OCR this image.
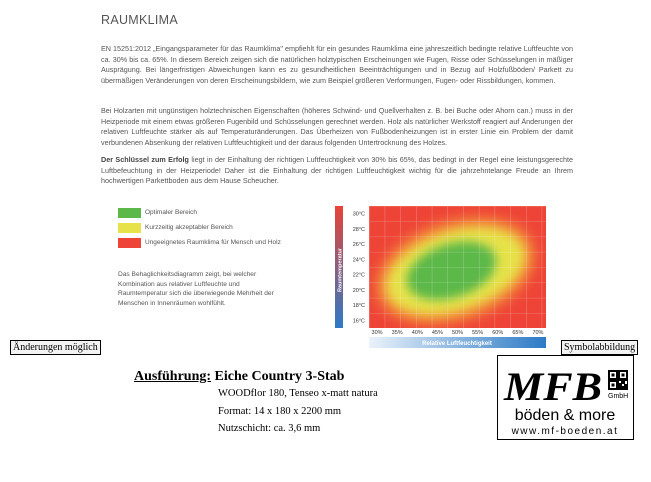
RAUMKLIMA
EN 15251:2012 „Eingangsparameter für das Raumklima" empfiehlt für ein gesundes Raumklima eine jahreszeitlich bedingte relative Luftfeuchte von ca. 30% bis ca. 65%. In diesem Bereich zeigen sich die natürlichen holztypischen Erscheinungen wie Fugen, Risse oder Schüsselungen in mäßiger Ausprägung. Bei längerfristigen Abweichungen kann es zu gesundheitlichen Beeinträchtigungen und in Bezug auf Holzfußböden/ Parkett zu übermäßigen Veränderungen von deren Erscheinungsbildern, wie zum Beispiel größeren Verformungen, Fugen- oder Rissbildungen, kommen.
Bei Holzarten mit ungünstigen holztechnischen Eigenschaften (höheres Schwind- und Quellverhalten z. B. bei Buche oder Ahorn can.) muss in der Heizperiode mit einem etwas größeren Fugenbild und Schüsselungen gerechnet werden. Holz als natürlicher Werkstoff reagiert auf Änderungen der relativen Luftfeuchte stärker als auf Temperaturänderungen. Das Überheizen von Fußbodenheizungen ist in erster Linie ein Problem der damit verbundenen Absenkung der relativen Luftfeuchtigkeit und der daraus folgenden Untertrocknung des Holzes.
Der Schlüssel zum Erfolg liegt in der Einhaltung der richtigen Luftfeuchtigkeit von 30% bis 65%, das bedingt in der Regel eine leistungsgerechte Luftbefeuchtung in der Heizperiode! Daher ist die Einhaltung der richtigen Luftfeuchtigkeit wichtig für die jahrzehntelange Freude an Ihrem hochwertigen Parkettboden aus dem Hause Scheucher.
Optimaler Bereich
Kurzzeitig akzeptabler Bereich
Ungeeignetes Raumklima für Mensch und Holz
Das Behaglichkeitsdiagramm zeigt, bei welcher Kombination aus relativer Luftfeuchte und Raumtemperatur sich die überwiegende Mehrheit der Menschen in Innenräumen wohlfühlt.
Raumtemperatur
30°C
28°C
26°C
24°C
22°C
20°C
18°C
16°C
30% 35% 40% 45% 50% 55% 60% 65% 70%
Relative Luftfeuchtigkeit
Änderungen möglich	Symbolabbildung
Ausführung: Eiche Country 3-Stab
WOODflor 180, Tenseo x-matt natura
Format: 14 x 180 x 2200 mm
Nutzschicht: ca. 3,6 mm
MFB GmbH
böden & more
www.mf-boeden.at
